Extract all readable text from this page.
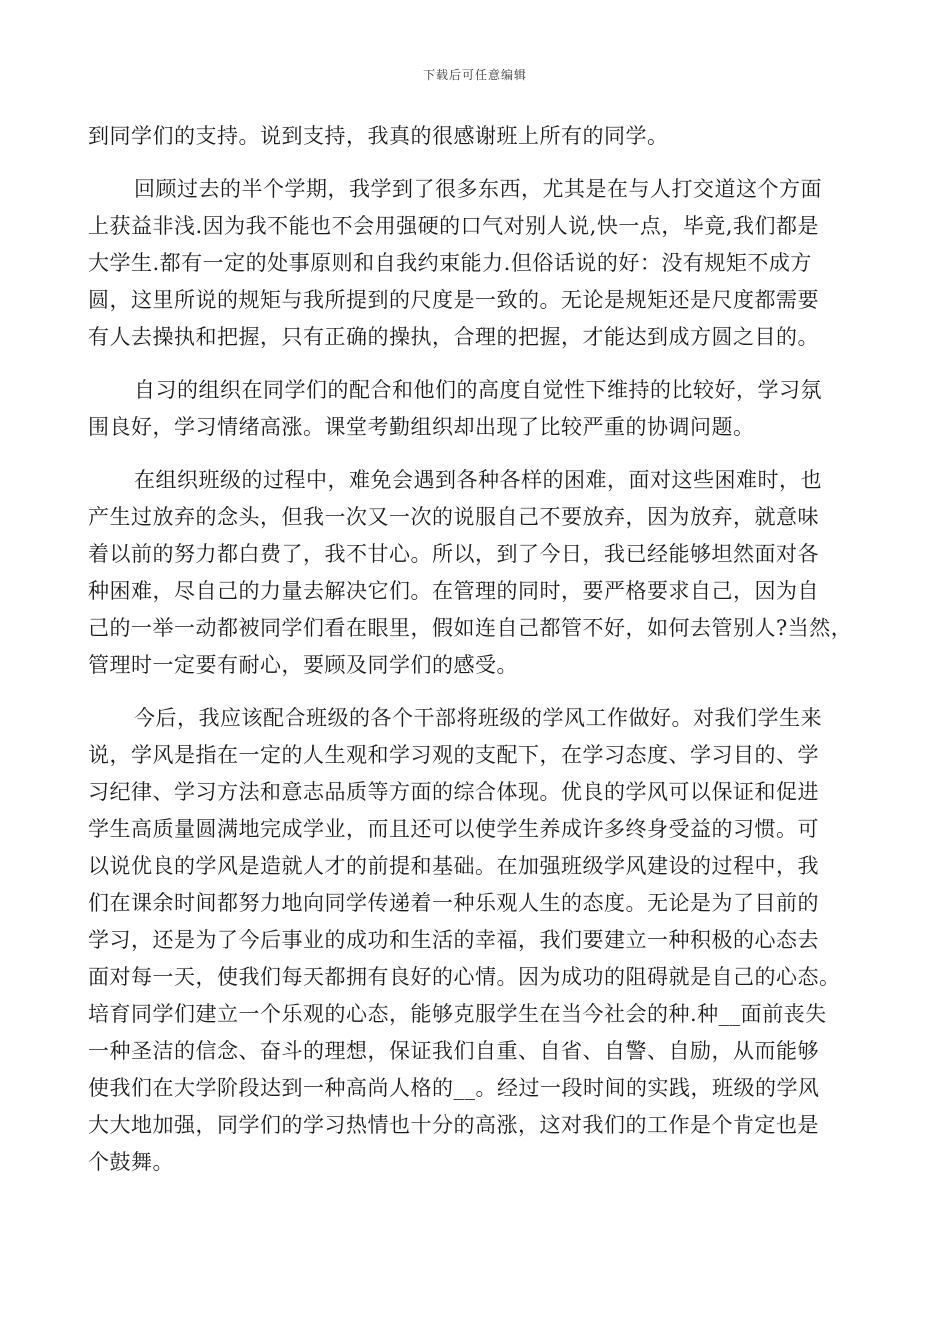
下载后可任意编辑
到同学们的支持。说到支持，我真的很感谢班上所有的同学。
回顾过去的半个学期，我学到了很多东西，尤其是在与人打交道这个方面
上获益非浅.因为我不能也不会用强硬的口气对别人说,快一点，毕竟,我们都是
大学生.都有一定的处事原则和自我约束能力.但俗话说的好：没有规矩不成方
圆，这里所说的规矩与我所提到的尺度是一致的。无论是规矩还是尺度都需要
有人去操执和把握，只有正确的操执，合理的把握，才能达到成方圆之目的。
自习的组织在同学们的配合和他们的高度自觉性下维持的比较好，学习氛
围良好，学习情绪高涨。课堂考勤组织却出现了比较严重的协调问题。
在组织班级的过程中，难免会遇到各种各样的困难，面对这些困难时，也
产生过放弃的念头，但我一次又一次的说服自己不要放弃，因为放弃，就意味
着以前的努力都白费了，我不甘心。所以，到了今日，我已经能够坦然面对各
种困难，尽自己的力量去解决它们。在管理的同时，要严格要求自己，因为自
己的一举一动都被同学们看在眼里，假如连自己都管不好，如何去管别人?当然，
管理时一定要有耐心，要顾及同学们的感受。
今后，我应该配合班级的各个干部将班级的学风工作做好。对我们学生来
说，学风是指在一定的人生观和学习观的支配下，在学习态度、学习目的、学
习纪律、学习方法和意志品质等方面的综合体现。优良的学风可以保证和促进
学生高质量圆满地完成学业，而且还可以使学生养成许多终身受益的习惯。可
以说优良的学风是造就人才的前提和基础。在加强班级学风建设的过程中，我
们在课余时间都努力地向同学传递着一种乐观人生的态度。无论是为了目前的
学习，还是为了今后事业的成功和生活的幸福，我们要建立一种积极的心态去
面对每一天，使我们每天都拥有良好的心情。因为成功的阻碍就是自己的心态。
培育同学们建立一个乐观的心态，能够克服学生在当今社会的种.种__面前丧失
一种圣洁的信念、奋斗的理想，保证我们自重、自省、自警、自励，从而能够
使我们在大学阶段达到一种高尚人格的__。经过一段时间的实践，班级的学风
大大地加强，同学们的学习热情也十分的高涨，这对我们的工作是个肯定也是
个鼓舞。
